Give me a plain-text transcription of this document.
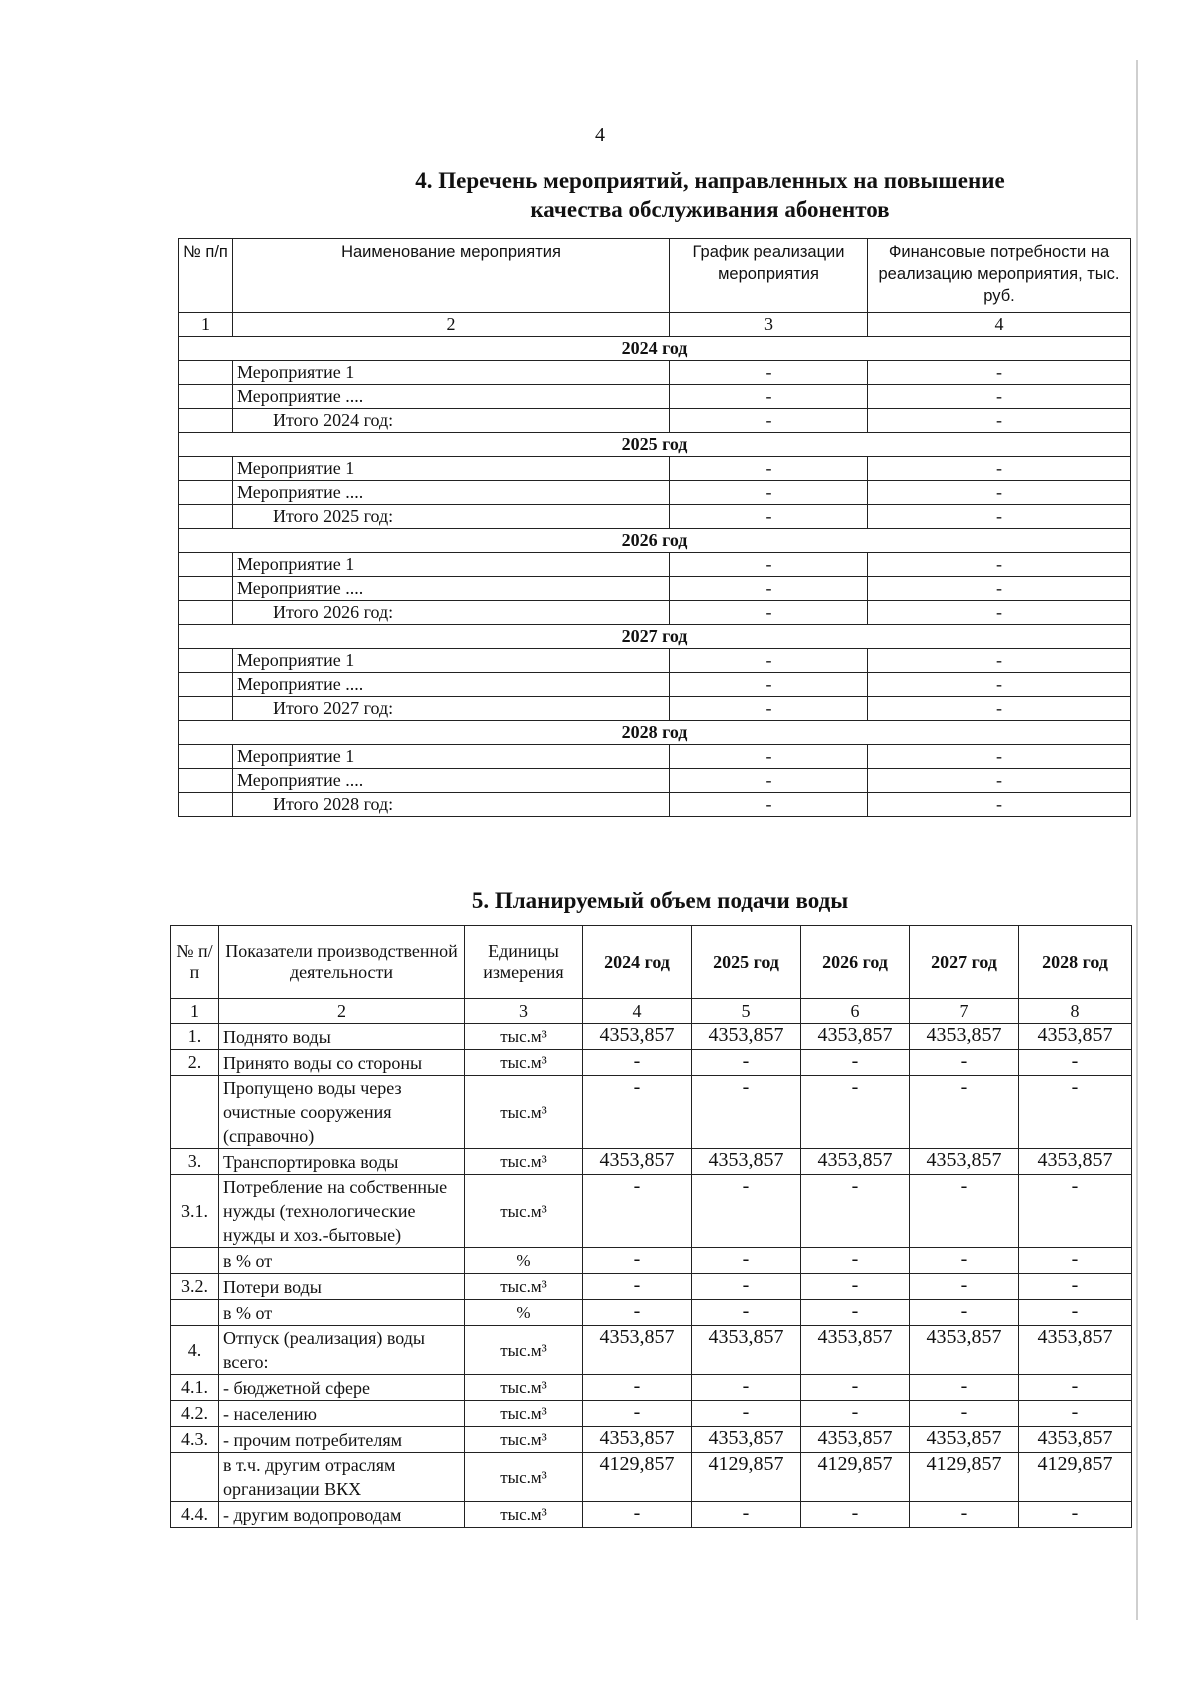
4
4. Перечень мероприятий, направленных на повышение
качества обслуживания абонентов
№ п/п	Наименование мероприятия	График реализации мероприятия	Финансовые потребности на реализацию мероприятия, тыс. руб.
1	2	3	4
2024 год			
	Мероприятие 1	-	-
	Мероприятие ....	-	-
	Итого 2024 год:	-	-
2025 год			
	Мероприятие 1	-	-
	Мероприятие ....	-	-
	Итого 2025 год:	-	-
2026 год			
	Мероприятие 1	-	-
	Мероприятие ....	-	-
	Итого 2026 год:	-	-
2027 год			
	Мероприятие 1	-	-
	Мероприятие ....	-	-
	Итого 2027 год:	-	-
2028 год			
	Мероприятие 1	-	-
	Мероприятие ....	-	-
	Итого 2028 год:	-	-
5. Планируемый объем подачи воды
№ п/п	Показатели производственной деятельности	Единицы измерения	2024 год	2025 год	2026 год	2027 год	2028 год
1	2	3	4	5	6	7	8
1.	Поднято воды	тыс.м³	4353,857	4353,857	4353,857	4353,857	4353,857
2.	Принято воды со стороны	тыс.м³	-	-	-	-	-
	Пропущено воды через очистные сооружения (справочно)	тыс.м³	-	-	-	-	-
3.	Транспортировка воды	тыс.м³	4353,857	4353,857	4353,857	4353,857	4353,857
3.1.	Потребление на собственные нужды (технологические нужды и хоз.-бытовые)	тыс.м³	-	-	-	-	-
	в % от	%	-	-	-	-	-
3.2.	Потери воды	тыс.м³	-	-	-	-	-
	в % от	%	-	-	-	-	-
4.	Отпуск (реализация) воды всего:	тыс.м³	4353,857	4353,857	4353,857	4353,857	4353,857
4.1.	- бюджетной сфере	тыс.м³	-	-	-	-	-
4.2.	- населению	тыс.м³	-	-	-	-	-
4.3.	- прочим потребителям	тыс.м³	4353,857	4353,857	4353,857	4353,857	4353,857
	в т.ч. другим отраслям организации ВКХ	тыс.м³	4129,857	4129,857	4129,857	4129,857	4129,857
4.4.	- другим водопроводам	тыс.м³	-	-	-	-	-
